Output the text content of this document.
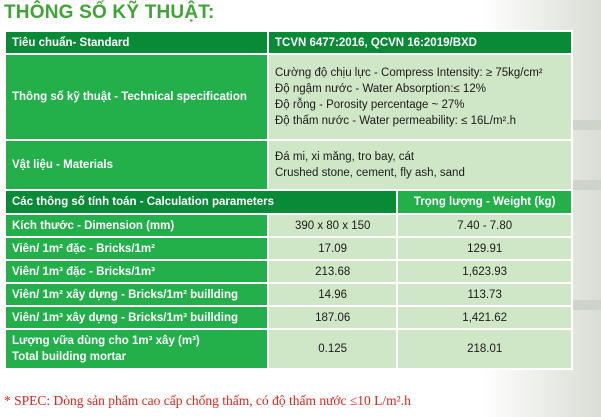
THÔNG SỐ KỸ THUẬT:
Tiêu chuẩn- Standard	TCVN 6477:2016, QCVN 16:2019/BXD	
Thông số kỹ thuật - Technical specification	Cường độ chịu lực - Compress Intensity: ≥ 75kg/cm²
Độ ngậm nước - Water Absorption:≤ 12%
Độ rỗng - Porosity percentage ~ 27%
Độ thấm nước - Water permeability: ≤ 16L/m².h	

Vật liệu - Materials	Đá mi, xi măng, tro bay, cát
Crushed stone, cement, fly ash, sand	

Các thông số tính toán - Calculation parameters		Trọng lượng - Weight (kg)
Kích thước - Dimension (mm)	390 x 80 x 150	7.40 - 7.80
Viên/ 1m² đặc - Bricks/1m²	17.09	129.91
Viên/ 1m³ đặc - Bricks/1m³	213.68	1,623.93
Viên/ 1m² xây dựng - Bricks/1m² buillding	14.96	113.73
Viên/ 1m³ xây dựng - Bricks/1m³ buillding	187.06	1,421.62

Lượng vữa dùng cho 1m³ xây (m³)
Total building mortar	0.125	218.01
* SPEC: Dòng sản phẩm cao cấp chống thấm, có độ thấm nước ≤10 L/m².h
